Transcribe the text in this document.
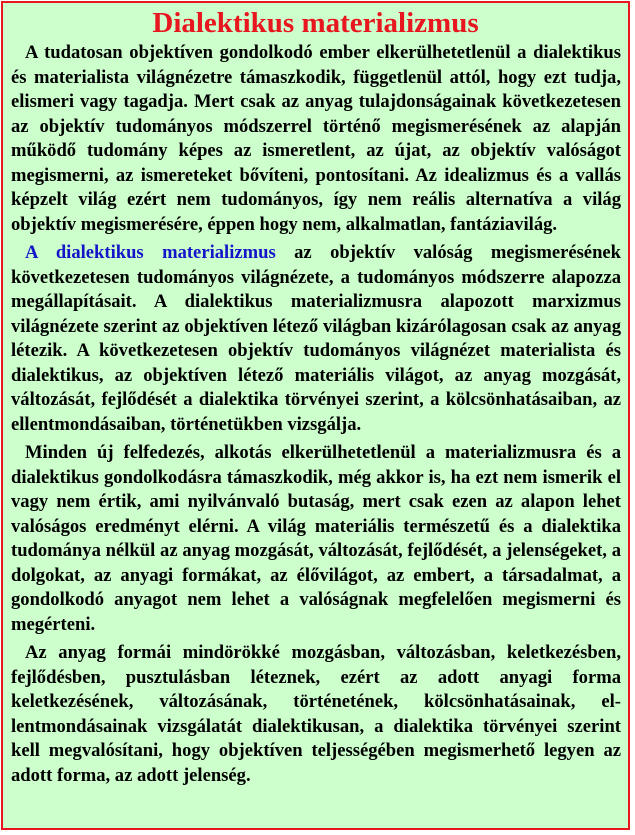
Dialektikus materializmus

A tudatosan objektíven gondolkodó ember elkerülhetetlenül a dialektikus és materialista világnézetre támaszkodik, függetlenül attól, hogy ezt tudja, elismeri vagy tagadja. Mert csak az anyag tulajdonságainak következetesen az objektív tudományos módszerrel történő megismerésének az alapján működő tudomány képes az ismeretlent, az újat, az objektív valóságot megismerni, az ismereteket bővíteni, pontosítani. Az idealizmus és a vallás képzelt világ ezért nem tudományos, így nem reális alternatíva a világ objektív megismerésére, éppen hogy nem, alkalmatlan, fantáziavilág.

A dialektikus materializmus az objektív valóság megismerésének következetesen tudományos világnézete, a tudományos módszerre alapozza megállapításait. A dialektikus materializmusra alapozott marxizmus világnézete szerint az objektíven létező világban kizárólagosan csak az anyag létezik. A következetesen objektív tudományos világnézet materialista és dialektikus, az objektíven létező materiális világot, az anyag mozgását, változását, fejlődését a dialektika törvényei szerint, a kölcsönhatásaiban, az ellentmondásaiban, történetükben vizsgálja.

Minden új felfedezés, alkotás elkerülhetetlenül a materializmusra és a dialektikus gondolkodásra támaszkodik, még akkor is, ha ezt nem ismerik el vagy nem értik, ami nyilvánvaló butaság, mert csak ezen az alapon lehet valóságos eredményt elérni. A világ materiális természetű és a dialektika tudománya nélkül az anyag mozgását, változását, fejlődését, a jelenségeket, a dolgokat, az anyagi formákat, az élővilágot, az embert, a társadalmat, a gondolkodó anyagot nem lehet a valóságnak megfelelően megismerni és megérteni.

Az anyag formái mindörökké mozgásban, változásban, keletkezésben, fejlődésben, pusztulásban léteznek, ezért az adott anyagi forma keletkezésének, változásának, történetének, kölcsönhatásainak, ellentmondásainak vizsgálatát dialektikusan, a dialektika törvényei szerint kell megvalósítani, hogy objektíven teljességében megismerhető legyen az adott forma, az adott jelenség.
